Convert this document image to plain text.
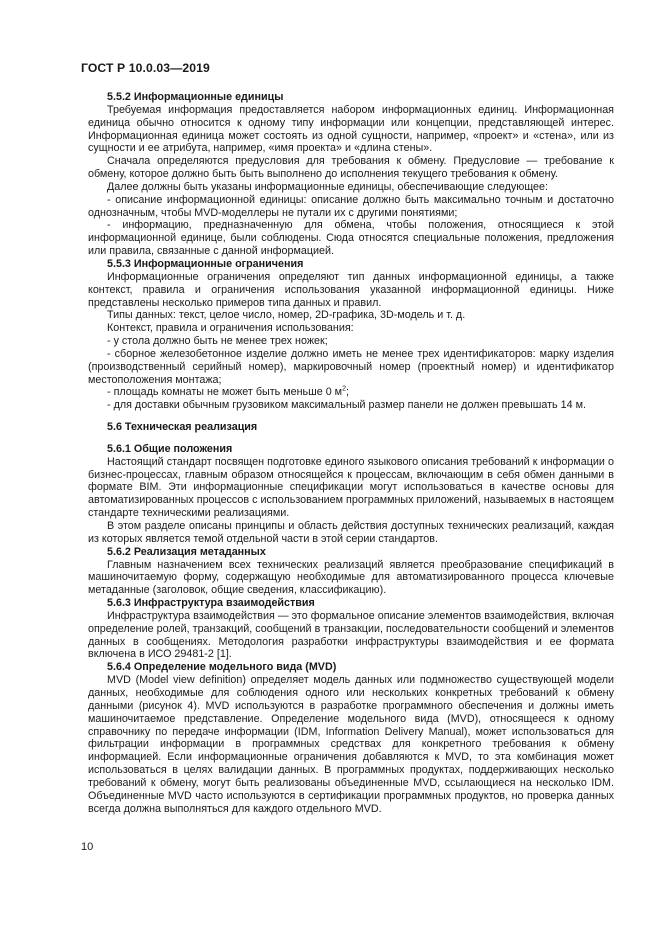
ГОСТ Р 10.0.03—2019
5.5.2 Информационные единицы

Требуемая информация предоставляется набором информационных единиц. Информационная единица обычно относится к одному типу информации или концепции, представляющей интерес. Информационная единица может состоять из одной сущности, например, «проект» и «стена», или из сущности и ее атрибута, например, «имя проекта» и «длина стены».

Сначала определяются предусловия для требования к обмену. Предусловие — требование к обмену, которое должно быть быть выполнено до исполнения текущего требования к обмену.

Далее должны быть указаны информационные единицы, обеспечивающие следующее:

- описание информационной единицы: описание должно быть максимально точным и достаточно однозначным, чтобы MVD-моделлеры не путали их с другими понятиями;

- информацию, предназначенную для обмена, чтобы положения, относящиеся к этой информационной единице, были соблюдены. Сюда относятся специальные положения, предложения или правила, связанные с данной информацией.

5.5.3 Информационные ограничения

Информационные ограничения определяют тип данных информационной единицы, а также контекст, правила и ограничения использования указанной информационной единицы. Ниже представлены несколько примеров типа данных и правил.

Типы данных: текст, целое число, номер, 2D-графика, 3D-модель и т. д.

Контекст, правила и ограничения использования:

- у стола должно быть не менее трех ножек;

- сборное железобетонное изделие должно иметь не менее трех идентификаторов: марку изделия (производственный серийный номер), маркировочный номер (проектный номер) и идентификатор местоположения монтажа;

- площадь комнаты не может быть меньше 0 $м^2$;

- для доставки обычным грузовиком максимальный размер панели не должен превышать 14 м.

5.6 Техническая реализация
5.6.1 Общие положения

Настоящий стандарт посвящен подготовке единого языкового описания требований к информации о бизнес-процессах, главным образом относящейся к процессам, включающим в себя обмен данными в формате BIM. Эти информационные спецификации могут использоваться в качестве основы для автоматизированных процессов с использованием программных приложений, называемых в настоящем стандарте техническими реализациями.

В этом разделе описаны принципы и область действия доступных технических реализаций, каждая из которых является темой отдельной части в этой серии стандартов.

5.6.2 Реализация метаданных

Главным назначением всех технических реализаций является преобразование спецификаций в машиночитаемую форму, содержащую необходимые для автоматизированного процесса ключевые метаданные (заголовок, общие сведения, классификацию).

5.6.3 Инфраструктура взаимодействия

Инфраструктура взаимодействия — это формальное описание элементов взаимодействия, включая определение ролей, транзакций, сообщений в транзакции, последовательности сообщений и элементов данных в сообщениях. Методология разработки инфраструктуры взаимодействия и ее формата включена в ИСО 29481-2 [1].

5.6.4 Определение модельного вида (MVD)

MVD (Model view definition) определяет модель данных или подмножество существующей модели данных, необходимые для соблюдения одного или нескольких конкретных требований к обмену данными (рисунок 4). MVD используются в разработке программного обеспечения и должны иметь машиночитаемое представление. Определение модельного вида (MVD), относящееся к одному справочнику по передаче информации (IDM, Information Delivery Manual), может использоваться для фильтрации информации в программных средствах для конкретного требования к обмену информацией. Если информационные ограничения добавляются к MVD, то эта комбинация может использоваться в целях валидации данных. В программных продуктах, поддерживающих несколько требований к обмену, могут быть реализованы объединенные MVD, ссылающиеся на несколько IDM. Объединенные MVD часто используются в сертификации программных продуктов, но проверка данных всегда должна выполняться для каждого отдельного MVD.

10
